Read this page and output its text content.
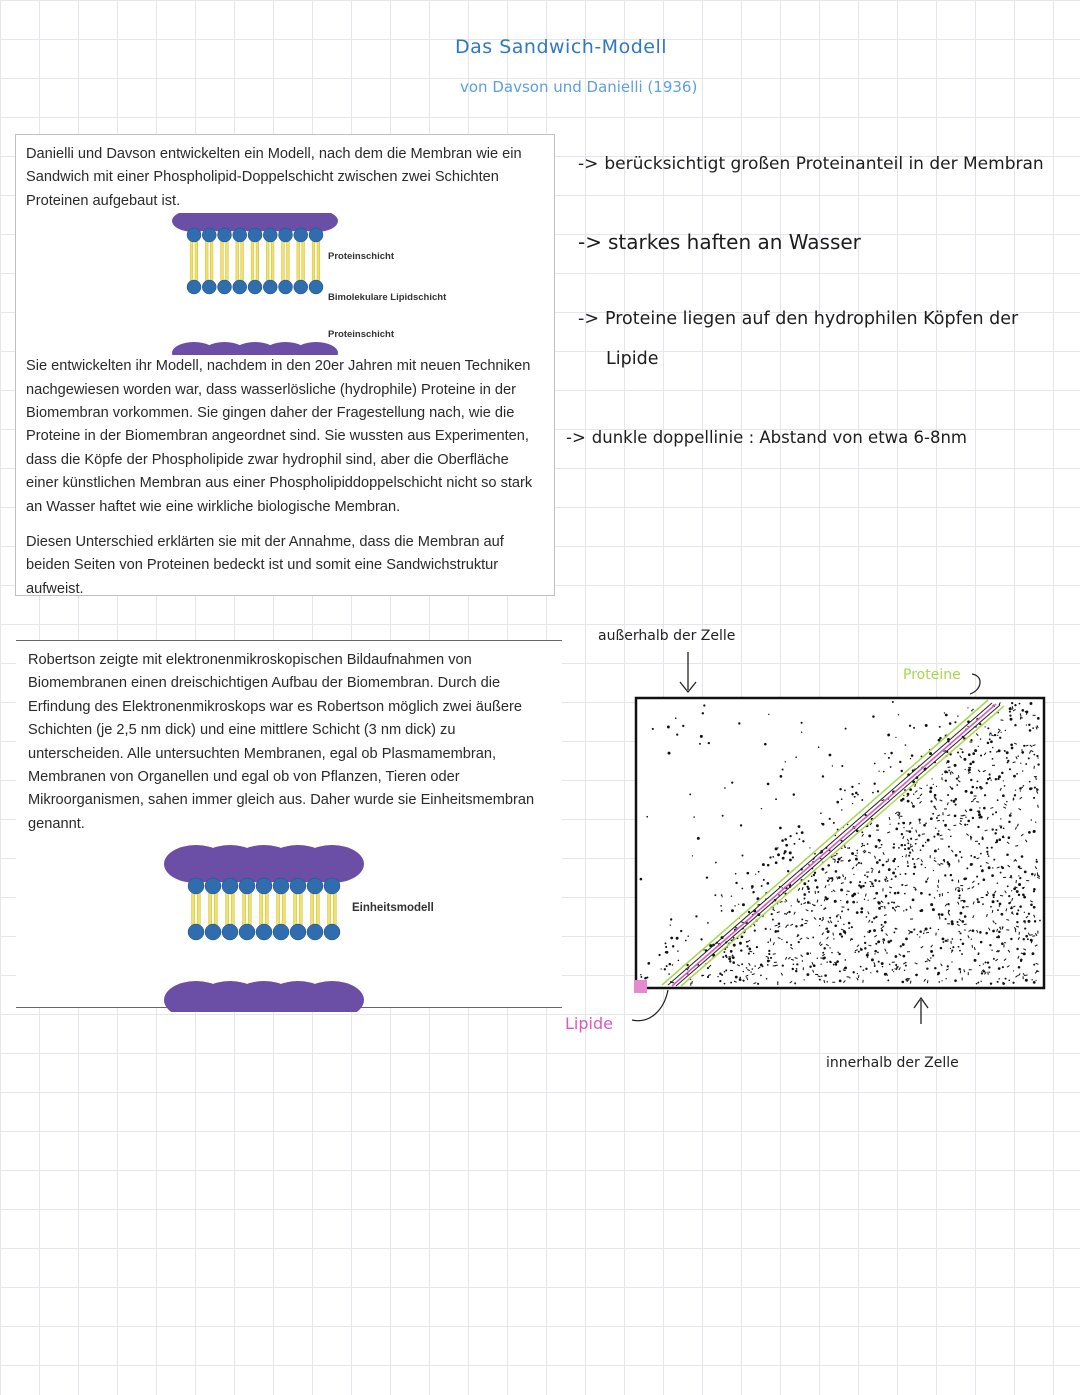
Das Sandwich-Modell
von Davson und Danielli (1936)

Danielli und Davson entwickelten ein Modell, nach dem die Membran wie ein Sandwich mit einer Phospholipid-Doppelschicht zwischen zwei Schichten Proteinen aufgebaut ist.

Proteinschicht
Bimolekulare Lipidschicht
Proteinschicht

Sie entwickelten ihr Modell, nachdem in den 20er Jahren mit neuen Techniken nachgewiesen worden war, dass wasserlösliche (hydrophile) Proteine in der Biomembran vorkommen. Sie gingen daher der Fragestellung nach, wie die Proteine in der Biomembran angeordnet sind. Sie wussten aus Experimenten, dass die Köpfe der Phospholipide zwar hydrophil sind, aber die Oberfläche einer künstlichen Membran aus einer Phospholipiddoppelschicht nicht so stark an Wasser haftet wie eine wirkliche biologische Membran.

Diesen Unterschied erklärten sie mit der Annahme, dass die Membran auf beiden Seiten von Proteinen bedeckt ist und somit eine Sandwichstruktur aufweist.

Robertson zeigte mit elektronenmikroskopischen Bildaufnahmen von Biomembranen einen dreischichtigen Aufbau der Biomembran. Durch die Erfindung des Elektronenmikroskops war es Robertson möglich zwei äußere Schichten (je 2,5 nm dick) und eine mittlere Schicht (3 nm dick) zu unterscheiden. Alle untersuchten Membranen, egal ob Plasmamembran, Membranen von Organellen und egal ob von Pflanzen, Tieren oder Mikroorganismen, sahen immer gleich aus. Daher wurde sie Einheitsmembran genannt.

Einheitsmodell
-> berücksichtigt großen Proteinanteil in der Membran
-> starkes haften an Wasser
-> Proteine liegen auf den hydrophilen Köpfen der
Lipide
-> dunkle doppellinie : Abstand von etwa 6-8nm
außerhalb der Zelle
Proteine
Lipide
innerhalb der Zelle
